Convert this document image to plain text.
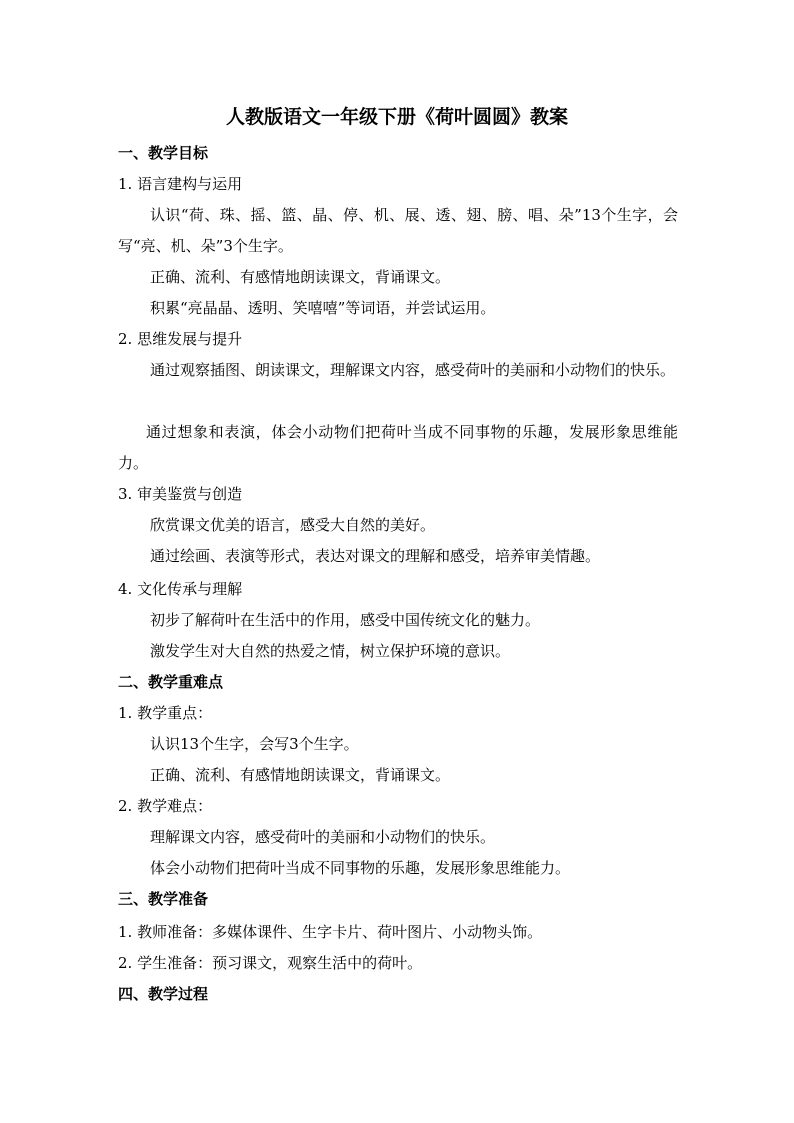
人教版语文一年级下册《荷叶圆圆》教案
一、教学目标
1. 语言建构与运用
认识“荷、珠、摇、篮、晶、停、机、展、透、翅、膀、唱、朵”13个生字，会写“亮、机、朵”3个生字。
正确、流利、有感情地朗读课文，背诵课文。
积累“亮晶晶、透明、笑嘻嘻”等词语，并尝试运用。
2. 思维发展与提升
通过观察插图、朗读课文，理解课文内容，感受荷叶的美丽和小动物们的快乐。
通过想象和表演，体会小动物们把荷叶当成不同事物的乐趣，发展形象思维能力。
3. 审美鉴赏与创造
欣赏课文优美的语言，感受大自然的美好。
通过绘画、表演等形式，表达对课文的理解和感受，培养审美情趣。
4. 文化传承与理解
初步了解荷叶在生活中的作用，感受中国传统文化的魅力。
激发学生对大自然的热爱之情，树立保护环境的意识。
二、教学重难点
1. 教学重点：
认识13个生字，会写3个生字。
正确、流利、有感情地朗读课文，背诵课文。
2. 教学难点：
理解课文内容，感受荷叶的美丽和小动物们的快乐。
体会小动物们把荷叶当成不同事物的乐趣，发展形象思维能力。
三、教学准备
1. 教师准备：多媒体课件、生字卡片、荷叶图片、小动物头饰。
2. 学生准备：预习课文，观察生活中的荷叶。
四、教学过程
